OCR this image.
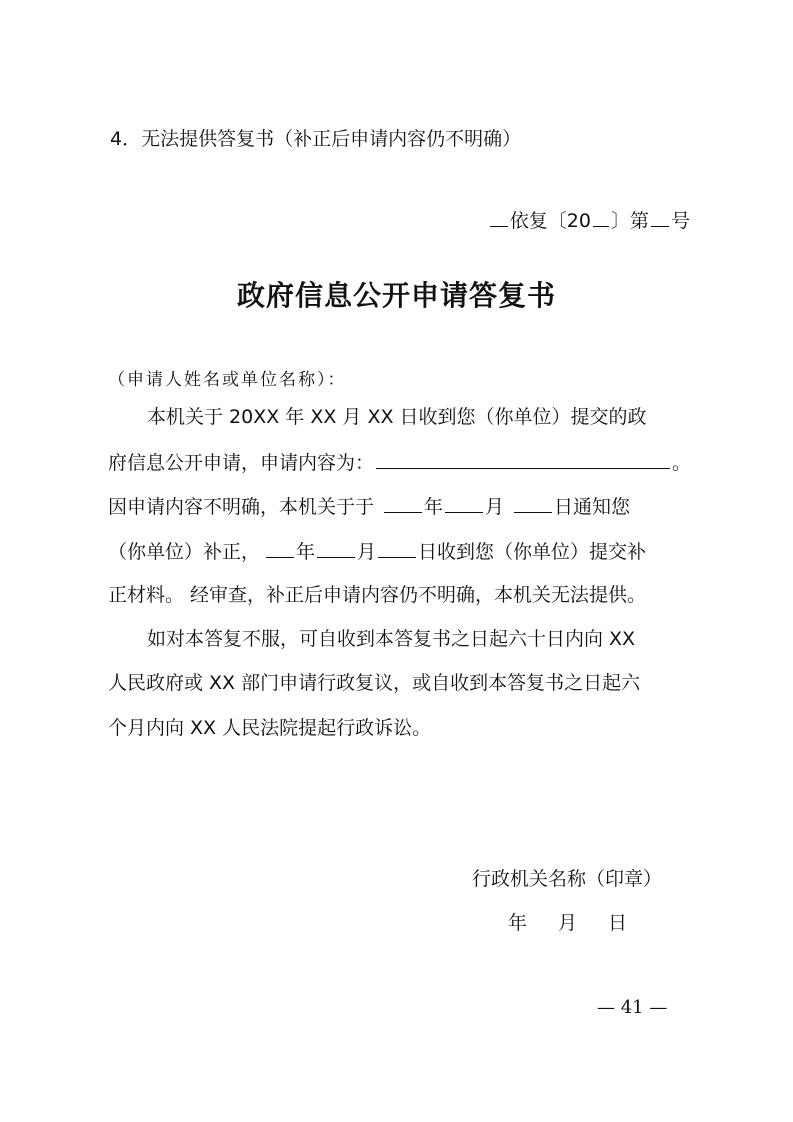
4．无法提供答复书（补正后申请内容仍不明确）
依复〔20 〕第 号
政府信息公开申请答复书
（申请人姓名或单位名称）：
本机关于 20XX 年 XX 月 XX 日收到您（你单位）提交的政
府信息公开申请，申请内容为：	。
因申请内容不明确，本机关于于	年 月	日通知您
（你单位）补正， 年 月 日收到您（你单位）提交补
正材料。 经审查，补正后申请内容仍不明确，本机关无法提供。
如对本答复不服，可自收到本答复书之日起六十日内向 XX
人民政府或 XX 部门申请行政复议，或自收到本答复书之日起六
个月内向 XX 人民法院提起行政诉讼。
行政机关名称（印章）
年　月　日
— 41 —
